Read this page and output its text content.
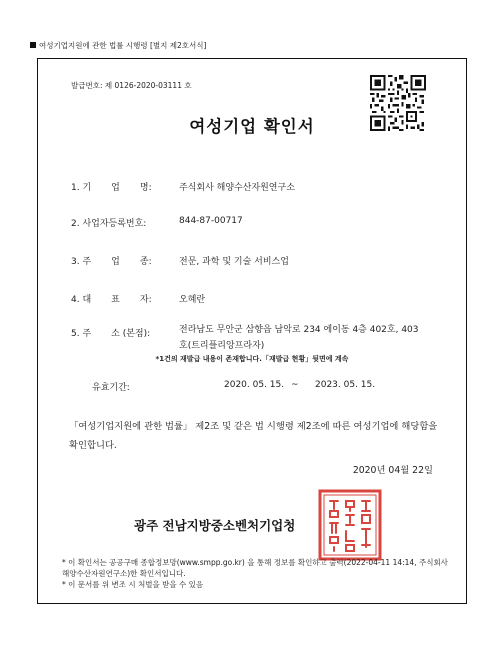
여성기업지원에 관한 법률 시행령 [별지 제2호서식]
발급번호: 제 0126-2020-03111 호
여성기업 확인서
1. 기       업       명:	주식회사 해양수산자원연구소
2. 사업자등록번호:	844-87-00717
3. 주       업       종:	전문, 과학 및 기술 서비스업
4. 대       표       자:	오혜란
5. 주       소 (본점):	전라남도 무안군 삼향읍 남악로 234 에이동 4층 402호, 403호(트리플리앙프라자)
*1건의 재발급 내용이 존재합니다.「재발급 현황」뒷면에 계속
유효기간:	2020. 05. 15. ~ 2023. 05. 15.
「여성기업지원에 관한 법률」 제2조 및 같은 법 시행령 제2조에 따른 여성기업에 해당함을 확인합니다.
2020년 04월 22일
광주 전남지방중소벤처기업청
* 이 확인서는 공공구매 종합정보망(www.smpp.go.kr) 을 통해 정보를 확인하고 출력(2022-04-11 14:14, 주식회사 해양수산자원연구소)한 확인서입니다.
* 이 문서를 위 변조 시 처벌을 받을 수 있음
